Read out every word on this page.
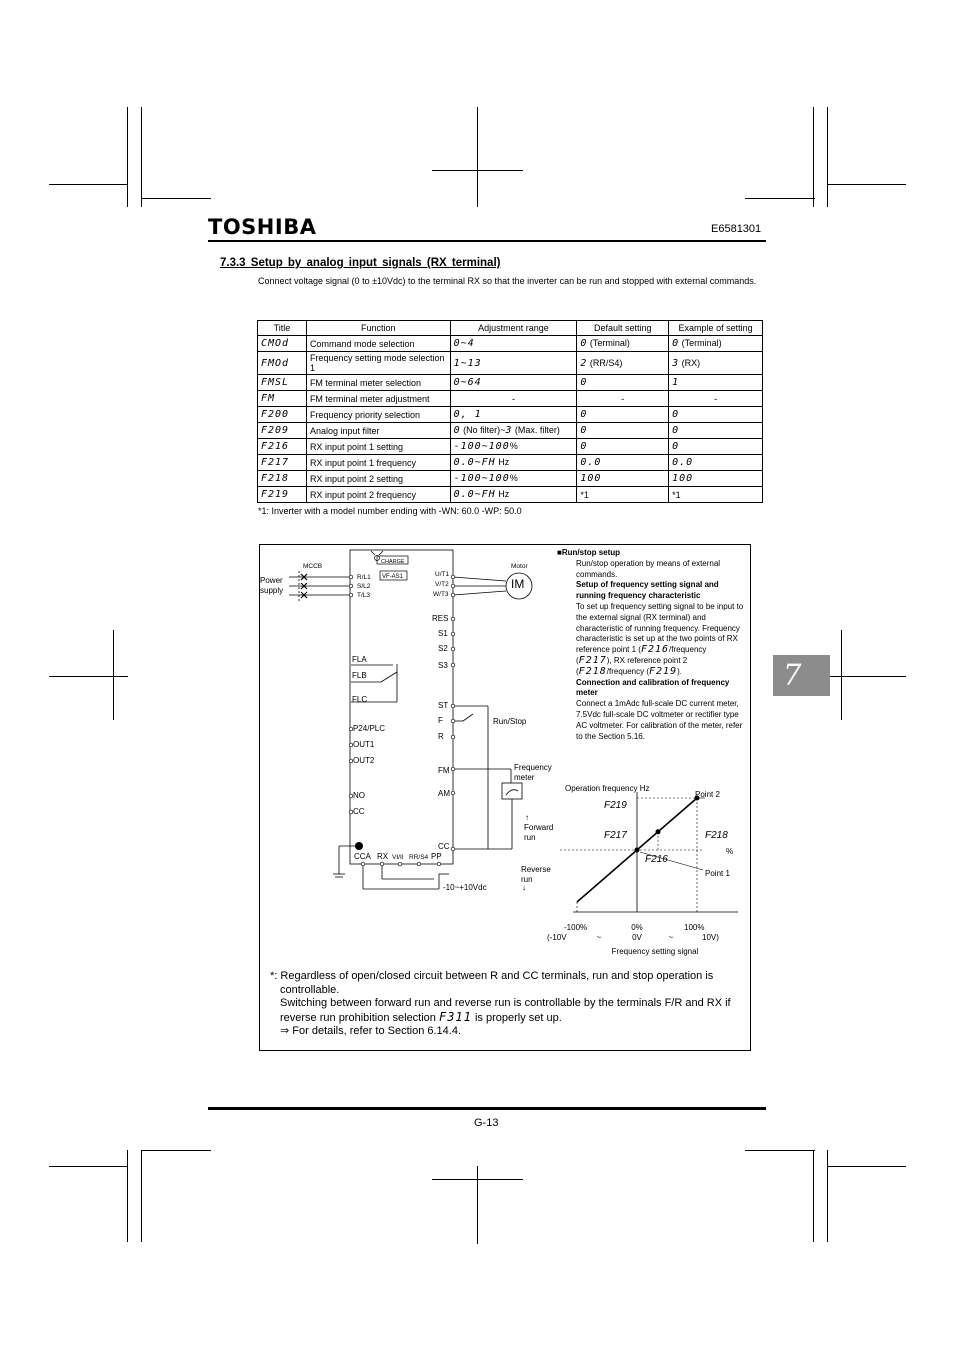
TOSHIBA	E6581301
7.3.3 Setup by analog input signals (RX terminal)
Connect voltage signal (0 to ±10Vdc) to the terminal RX so that the inverter can be run and stopped with external commands.
Title	Function	Adjustment range	Default setting	Example of setting
CMOd	Command mode selection	0~4	0 (Terminal)	0 (Terminal)
FMOd	Frequency setting mode selection 1	1~13	2 (RR/S4)	3 (RX)
FMSL	FM terminal meter selection	0~64	0	1
FM	FM terminal meter adjustment	-	-	-
F200	Frequency priority selection	0, 1	0	0
F209	Analog input filter	0 (No filter)~3 (Max. filter)	0	0
F216	RX input point 1 setting	-100~100%	0	0
F217	RX input point 1 frequency	0.0~FH Hz	0.0	0.0
F218	RX input point 2 setting	-100~100%	100	100
F219	RX input point 2 frequency	0.0~FH Hz	*1	*1
*1: Inverter with a model number ending with -WN: 60.0 -WP: 50.0
Power supply
MCCB
CHARGE
VF-AS1
Motor
IM
R/L1
S/L2
T/L3
U/T1
V/T2
W/T3
RES
S1
S2
S3
ST
F
R
FM
AM
CC
FLA
FLB
FLC
P24/PLC
OUT1
OUT2
NO
CC
CCA RX VI/II RR/S4 PP
Run/Stop
Frequency meter
↑
Forward run
Reverse run
↓
-10~+10Vdc
■Run/stop setup
Run/stop operation by means of external commands.
Setup of frequency setting signal and running frequency characteristic
To set up frequency setting signal to be input to the external signal (RX terminal) and characteristic of running frequency. Frequency characteristic is set up at the two points of RX reference point 1 (F216/frequency (F217), RX reference point 2 (F218/frequency (F219).
Connection and calibration of frequency meter
Connect a 1mAdc full-scale DC current meter, 7.5Vdc full-scale DC voltmeter or rectifier type AC voltmeter. For calibration of the meter, refer to the Section 5.16.
Operation frequency Hz
Point 2
Point 1
F219
F217	F218
F216
%
-100%	0%	100%
(-10V	~	0V	~	10V)
Frequency setting signal
*: Regardless of open/closed circuit between R and CC terminals, run and stop operation is controllable.
Switching between forward run and reverse run is controllable by the terminals F/R and RX if reverse run prohibition selection F311 is properly set up.
⇒ For details, refer to Section 6.14.4.
G-13
7
